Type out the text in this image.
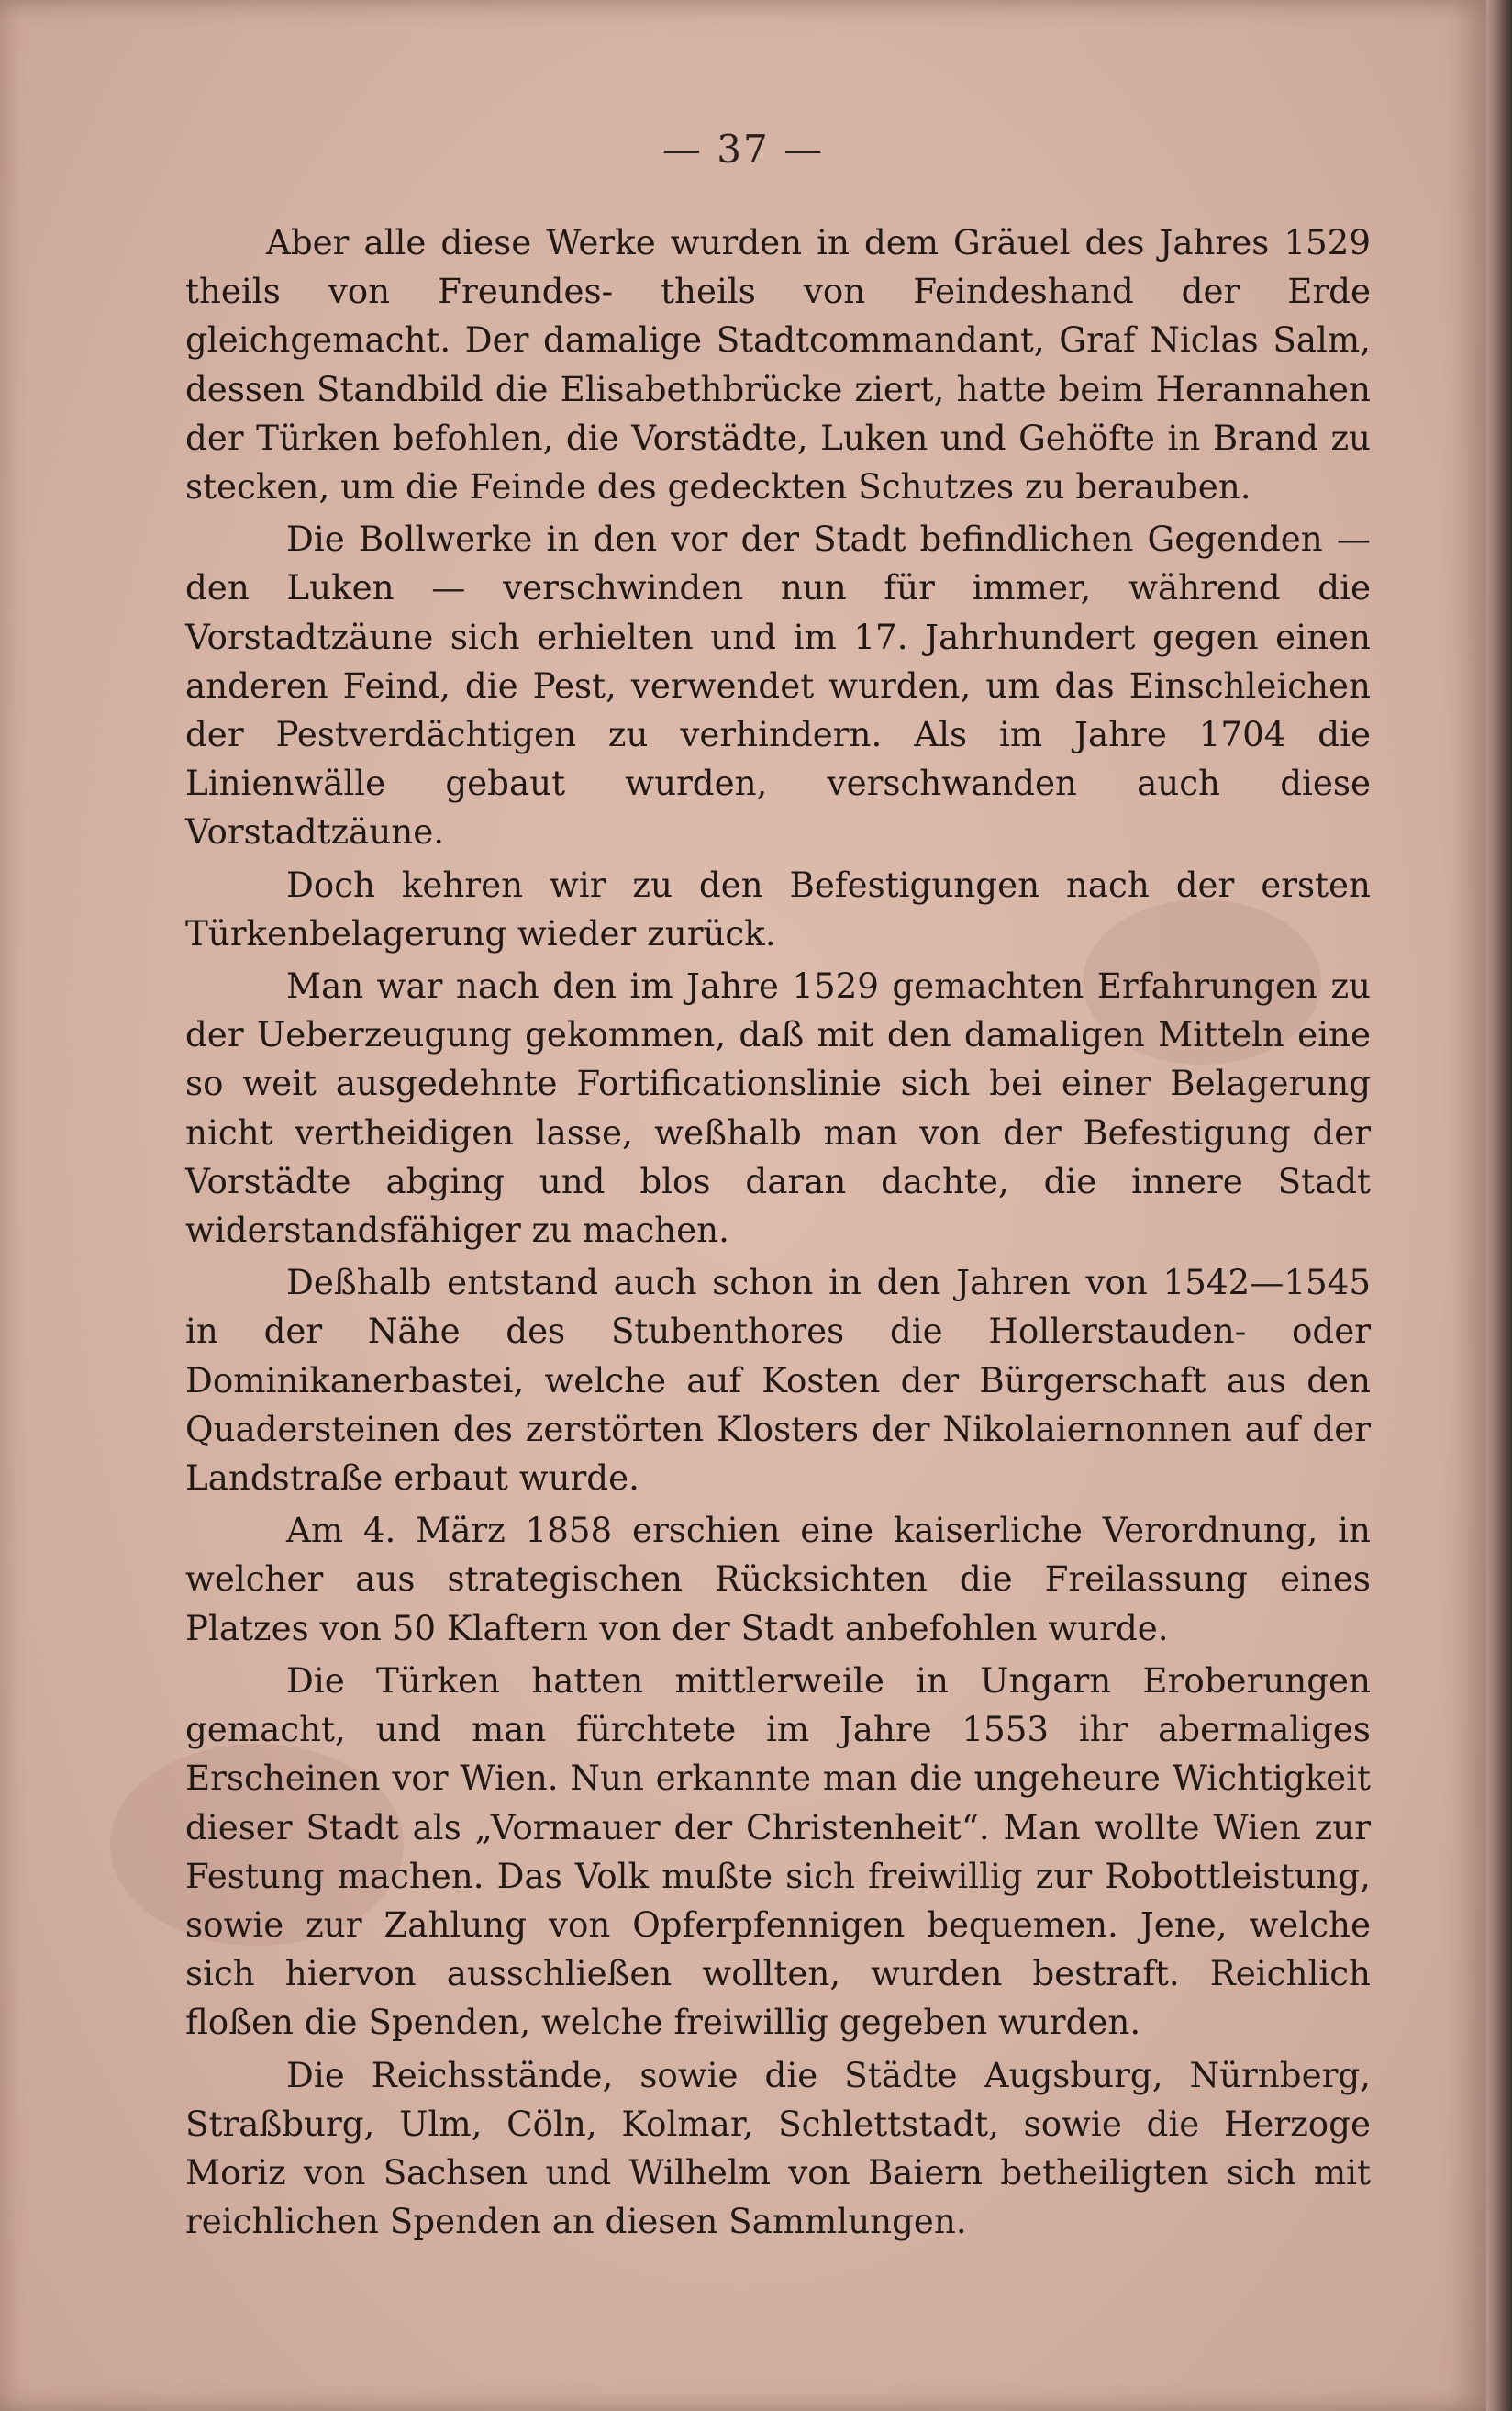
— 37 —

Aber alle diese Werke wurden in dem Gräuel des Jahres 1529 theils von Freundes- theils von Feindeshand der Erde gleichgemacht. Der damalige Stadtcommandant, Graf Niclas Salm, dessen Standbild die Elisabethbrücke ziert, hatte beim Herannahen der Türken befohlen, die Vorstädte, Luken und Gehöfte in Brand zu stecken, um die Feinde des gedeckten Schutzes zu berauben.

Die Bollwerke in den vor der Stadt befindlichen Gegenden — den Luken — verschwinden nun für immer, während die Vorstadtzäune sich erhielten und im 17. Jahrhundert gegen einen anderen Feind, die Pest, verwendet wurden, um das Einschleichen der Pestverdächtigen zu verhindern. Als im Jahre 1704 die Linienwälle gebaut wurden, verschwanden auch diese Vorstadtzäune.

Doch kehren wir zu den Befestigungen nach der ersten Türkenbelagerung wieder zurück.

Man war nach den im Jahre 1529 gemachten Erfahrungen zu der Ueberzeugung gekommen, daß mit den damaligen Mitteln eine so weit ausgedehnte Fortificationslinie sich bei einer Belagerung nicht vertheidigen lasse, weßhalb man von der Befestigung der Vorstädte abging und blos daran dachte, die innere Stadt widerstandsfähiger zu machen.

Deßhalb entstand auch schon in den Jahren von 1542—1545 in der Nähe des Stubenthores die Hollerstauden- oder Dominikanerbastei, welche auf Kosten der Bürgerschaft aus den Quadersteinen des zerstörten Klosters der Nikolaiernonnen auf der Landstraße erbaut wurde.

Am 4. März 1858 erschien eine kaiserliche Verordnung, in welcher aus strategischen Rücksichten die Freilassung eines Platzes von 50 Klaftern von der Stadt anbefohlen wurde.

Die Türken hatten mittlerweile in Ungarn Eroberungen gemacht, und man fürchtete im Jahre 1553 ihr abermaliges Erscheinen vor Wien. Nun erkannte man die ungeheure Wichtigkeit dieser Stadt als „Vormauer der Christenheit“. Man wollte Wien zur Festung machen. Das Volk mußte sich freiwillig zur Robottleistung, sowie zur Zahlung von Opferpfennigen bequemen. Jene, welche sich hiervon ausschließen wollten, wurden bestraft. Reichlich floßen die Spenden, welche freiwillig gegeben wurden.

Die Reichsstände, sowie die Städte Augsburg, Nürnberg, Straßburg, Ulm, Cöln, Kolmar, Schlettstadt, sowie die Herzoge Moriz von Sachsen und Wilhelm von Baiern betheiligten sich mit reichlichen Spenden an diesen Sammlungen.
